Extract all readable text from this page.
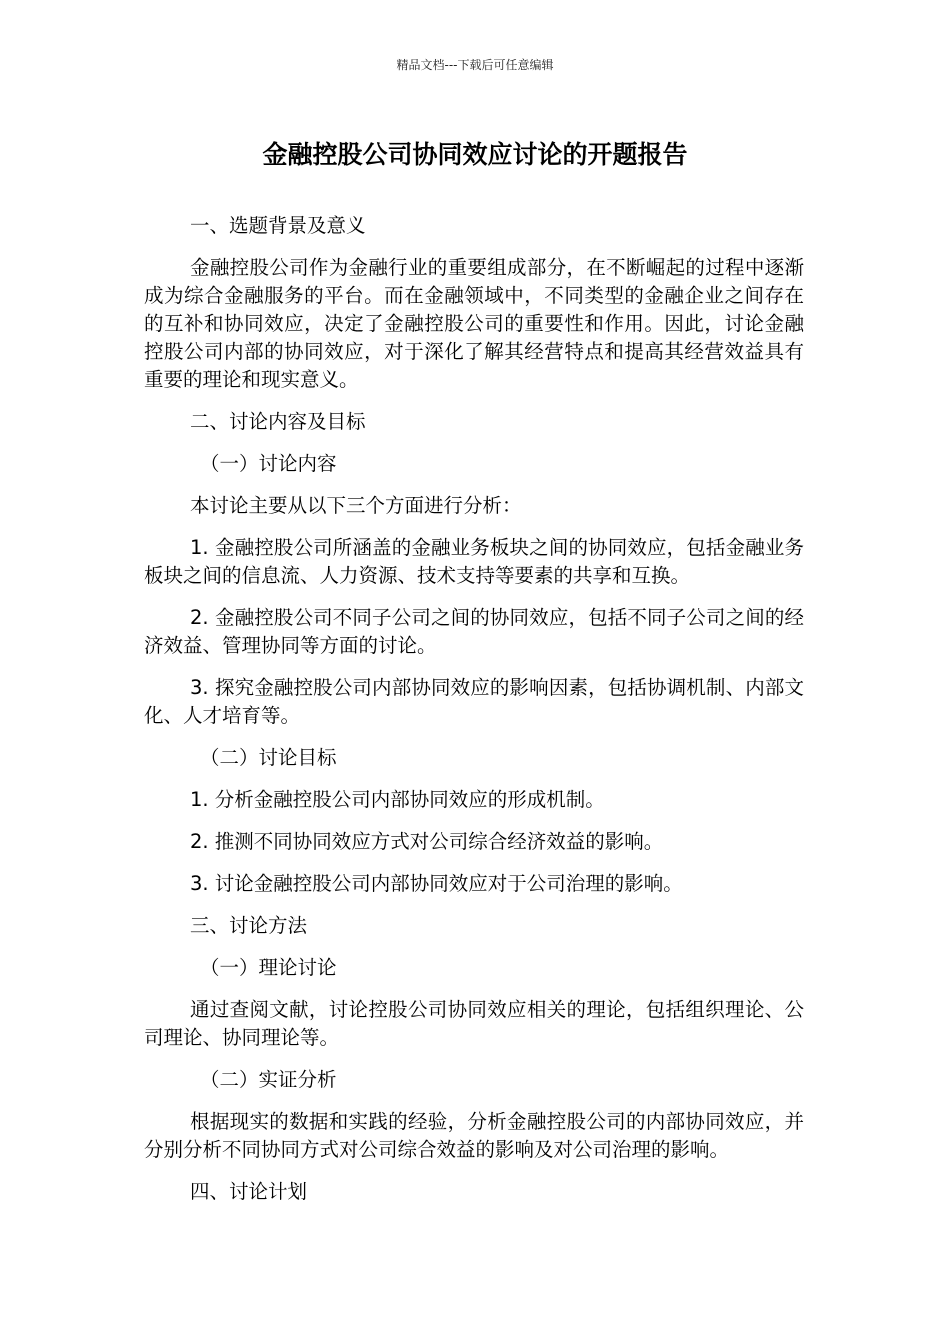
精品文档---下载后可任意编辑
金融控股公司协同效应讨论的开题报告

一、选题背景及意义

金融控股公司作为金融行业的重要组成部分，在不断崛起的过程中逐渐成为综合金融服务的平台。而在金融领域中，不同类型的金融企业之间存在的互补和协同效应，决定了金融控股公司的重要性和作用。因此，讨论金融控股公司内部的协同效应，对于深化了解其经营特点和提高其经营效益具有重要的理论和现实意义。

二、讨论内容及目标

（一）讨论内容

本讨论主要从以下三个方面进行分析：

1. 金融控股公司所涵盖的金融业务板块之间的协同效应，包括金融业务板块之间的信息流、人力资源、技术支持等要素的共享和互换。

2. 金融控股公司不同子公司之间的协同效应，包括不同子公司之间的经济效益、管理协同等方面的讨论。

3. 探究金融控股公司内部协同效应的影响因素，包括协调机制、内部文化、人才培育等。

（二）讨论目标

1. 分析金融控股公司内部协同效应的形成机制。

2. 推测不同协同效应方式对公司综合经济效益的影响。

3. 讨论金融控股公司内部协同效应对于公司治理的影响。

三、讨论方法

（一）理论讨论

通过查阅文献，讨论控股公司协同效应相关的理论，包括组织理论、公司理论、协同理论等。

（二）实证分析

根据现实的数据和实践的经验，分析金融控股公司的内部协同效应，并分别分析不同协同方式对公司综合效益的影响及对公司治理的影响。

四、讨论计划
